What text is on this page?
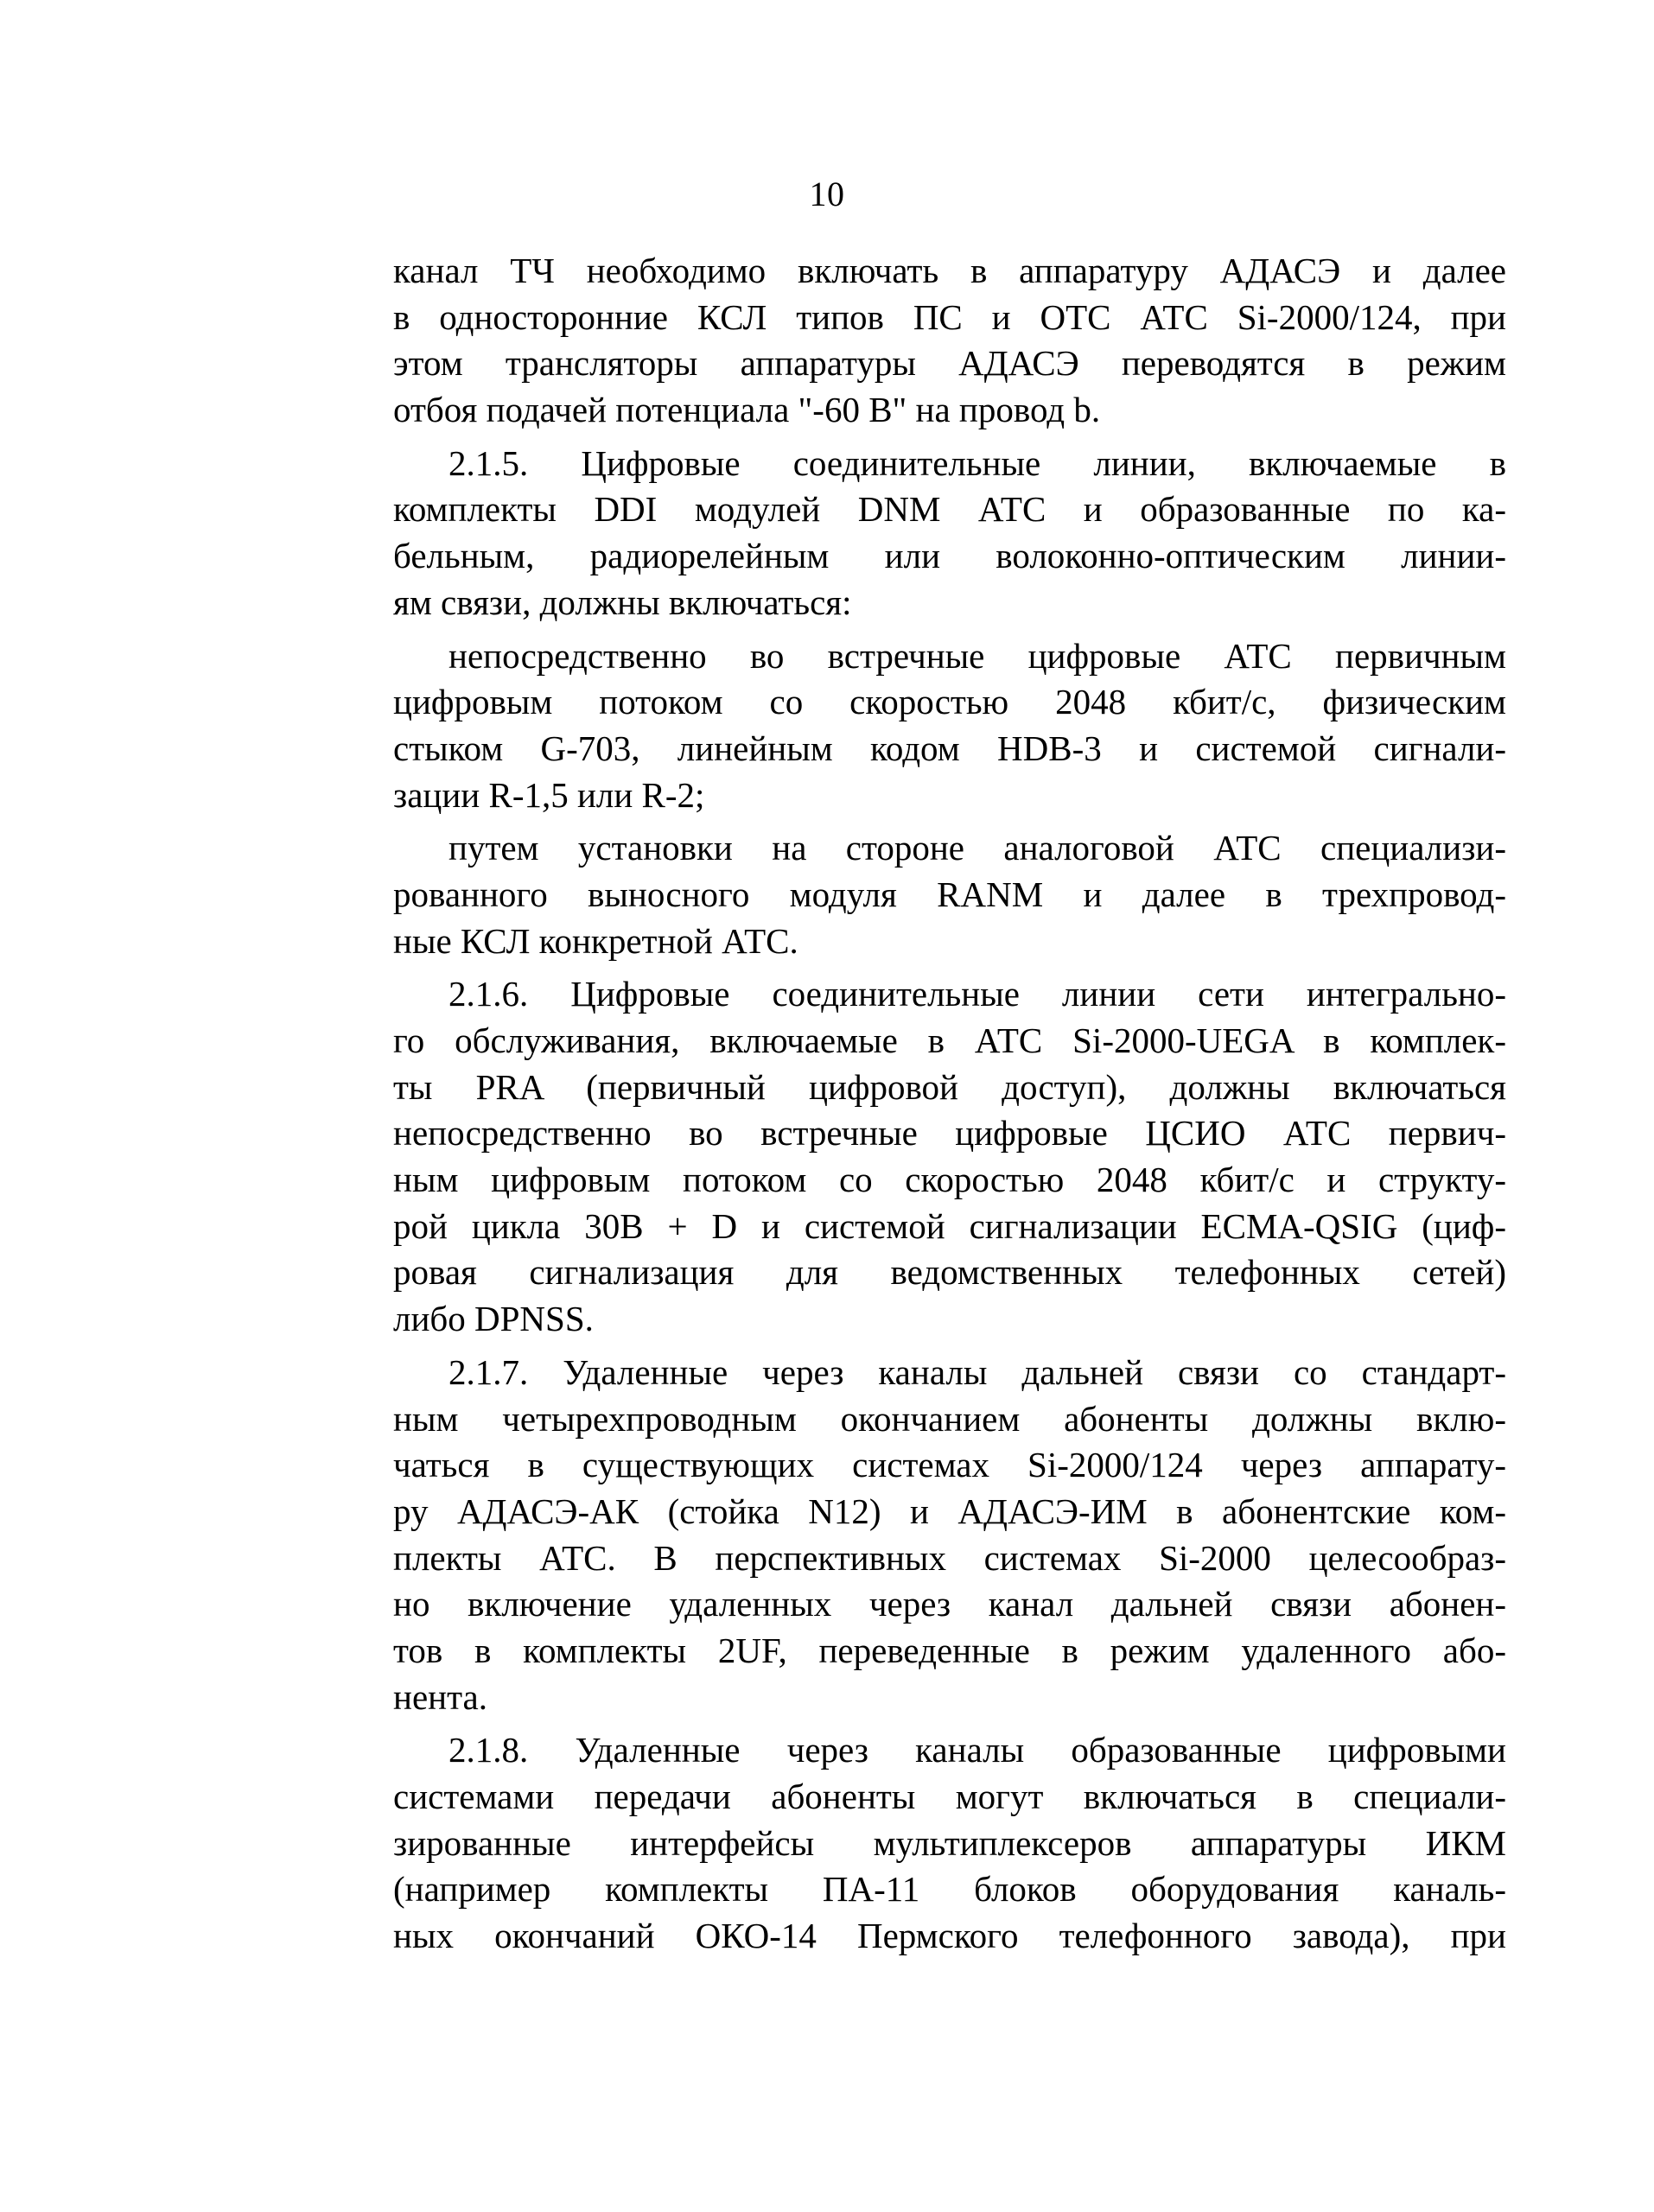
10
канал ТЧ необходимо включать в аппаратуру АДАСЭ и далее
в односторонние КСЛ типов ПС и ОТС АТС Si-2000/124, при
этом трансляторы аппаратуры АДАСЭ переводятся в режим
отбоя подачей потенциала "-60 В" на провод b.
2.1.5. Цифровые соединительные линии, включаемые в
комплекты DDI модулей DNM АТС и образованные по ка-
бельным, радиорелейным или волоконно-оптическим линии-
ям связи, должны включаться:
непосредственно во встречные цифровые АТС первичным
цифровым потоком со скоростью 2048 кбит/с, физическим
стыком G-703, линейным кодом HDB-3 и системой сигнали-
зации R-1,5 или R-2;
путем установки на стороне аналоговой АТС специализи-
рованного выносного модуля RANM и далее в трехпровод-
ные КСЛ конкретной АТС.
2.1.6. Цифровые соединительные линии сети интегрально-
го обслуживания, включаемые в АТС Si-2000-UEGA в комплек-
ты PRA (первичный цифровой доступ), должны включаться
непосредственно во встречные цифровые ЦСИО АТС первич-
ным цифровым потоком со скоростью 2048 кбит/с и структу-
рой цикла 30B + D и системой сигнализации ECMA-QSIG (циф-
ровая сигнализация для ведомственных телефонных сетей)
либо DPNSS.
2.1.7. Удаленные через каналы дальней связи со стандарт-
ным четырехпроводным окончанием абоненты должны вклю-
чаться в существующих системах Si-2000/124 через аппарату-
ру АДАСЭ-АК (стойка N12) и АДАСЭ-ИМ в абонентские ком-
плекты АТС. В перспективных системах Si-2000 целесообраз-
но включение удаленных через канал дальней связи абонен-
тов в комплекты 2UF, переведенные в режим удаленного або-
нента.
2.1.8. Удаленные через каналы образованные цифровыми
системами передачи абоненты могут включаться в специали-
зированные интерфейсы мультиплексеров аппаратуры ИКМ
(например комплекты ПА-11 блоков оборудования каналь-
ных окончаний ОКО-14 Пермского телефонного завода), при
